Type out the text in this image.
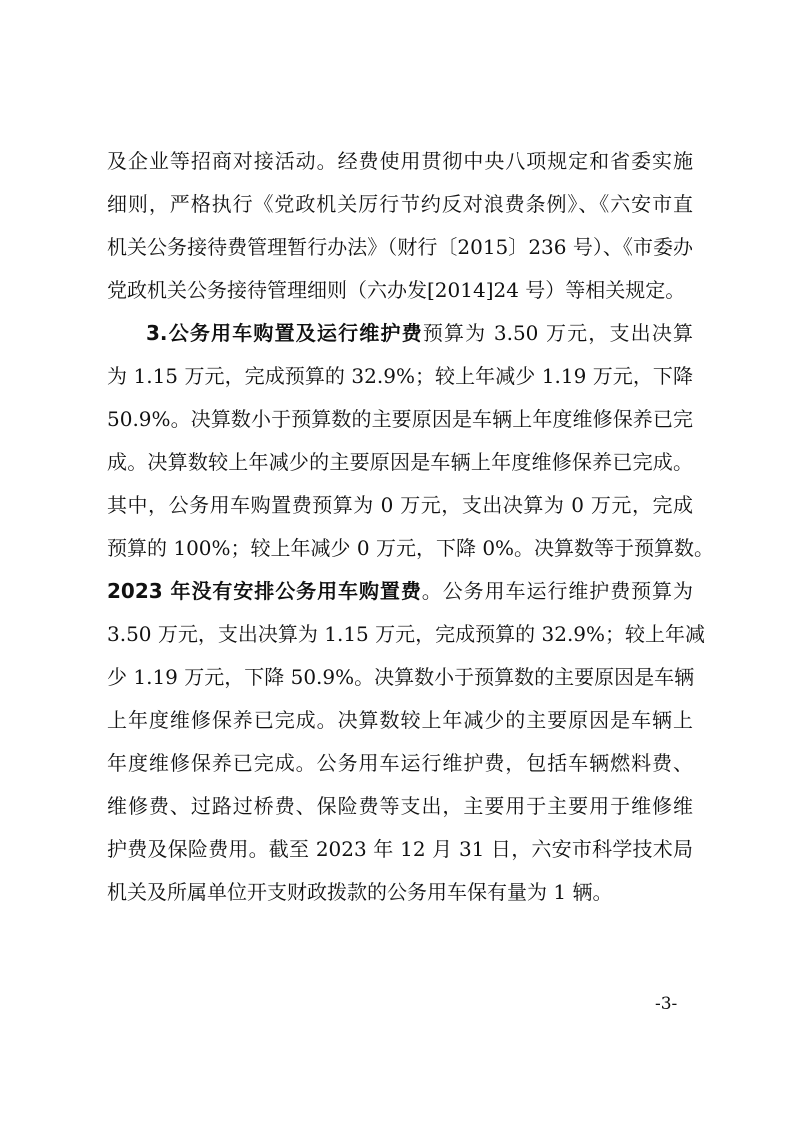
及企业等招商对接活动。经费使用贯彻中央八项规定和省委实施
细则，严格执行《党政机关厉行节约反对浪费条例》、《六安市直
机关公务接待费管理暂行办法》（财行〔2015〕236 号）、《市委办
党政机关公务接待管理细则（六办发[2014]24 号）等相关规定。
3.公务用车购置及运行维护费预算为 3.50 万元，支出决算
为 1.15 万元，完成预算的 32.9%；较上年减少 1.19 万元，下降
50.9%。决算数小于预算数的主要原因是车辆上年度维修保养已完
成。决算数较上年减少的主要原因是车辆上年度维修保养已完成。
其中，公务用车购置费预算为 0 万元，支出决算为 0 万元，完成
预算的 100%；较上年减少 0 万元，下降 0%。决算数等于预算数。
2023 年没有安排公务用车购置费。公务用车运行维护费预算为
3.50 万元，支出决算为 1.15 万元，完成预算的 32.9%；较上年减
少 1.19 万元，下降 50.9%。决算数小于预算数的主要原因是车辆
上年度维修保养已完成。决算数较上年减少的主要原因是车辆上
年度维修保养已完成。公务用车运行维护费，包括车辆燃料费、
维修费、过路过桥费、保险费等支出，主要用于主要用于维修维
护费及保险费用。截至 2023 年 12 月 31 日，六安市科学技术局
机关及所属单位开支财政拨款的公务用车保有量为 1 辆。
-3-
